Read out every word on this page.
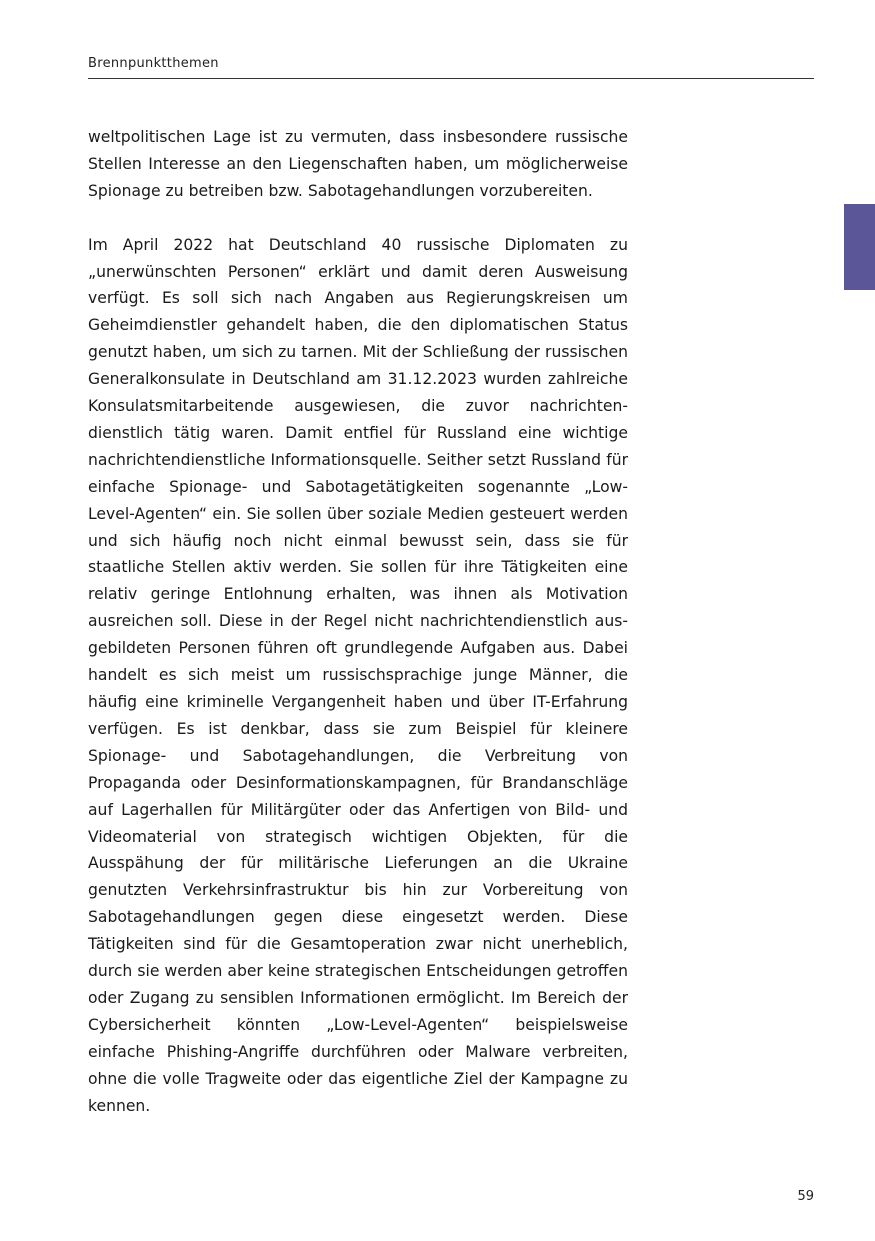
Brennpunktthemen

weltpolitischen Lage ist zu vermuten, dass insbesondere russische Stellen Interesse an den Liegenschaften haben, um möglicherweise Spionage zu betreiben bzw. Sabotagehandlungen vorzubereiten.

Im April 2022 hat Deutschland 40 russische Diplomaten zu „unerwünschten Personen“ erklärt und damit deren Ausweisung verfügt. Es soll sich nach Angaben aus Regierungskreisen um Geheimdienstler gehandelt haben, die den diplomatischen Status genutzt haben, um sich zu tarnen. Mit der Schließung der russischen Generalkonsulate in Deutschland am 31.12.2023 wurden zahlreiche Konsulatsmitarbeitende ausgewiesen, die zuvor nachrichtendienstlich tätig waren. Damit entfiel für Russland eine wichtige nachrichtendienstliche Informationsquelle. Seither setzt Russland für einfache Spionage- und Sabotagetätigkeiten sogenannte „Low-Level-Agenten“ ein. Sie sollen über soziale Medien gesteuert werden und sich häufig noch nicht einmal bewusst sein, dass sie für staatliche Stellen aktiv werden. Sie sollen für ihre Tätigkeiten eine relativ geringe Entlohnung erhalten, was ihnen als Motivation ausreichen soll. Diese in der Regel nicht nachrichtendienstlich ausgebildeten Personen führen oft grundlegende Aufgaben aus. Dabei handelt es sich meist um russischsprachige junge Männer, die häufig eine kriminelle Vergangenheit haben und über IT-Erfahrung verfügen. Es ist denkbar, dass sie zum Beispiel für kleinere Spionage- und Sabotagehandlungen, die Verbreitung von Propaganda oder Desinformationskampagnen, für Brandanschläge auf Lagerhallen für Militärgüter oder das Anfertigen von Bild- und Videomaterial von strategisch wichtigen Objekten, für die Ausspähung der für militärische Lieferungen an die Ukraine genutzten Verkehrsinfrastruktur bis hin zur Vorbereitung von Sabotagehandlungen gegen diese eingesetzt werden. Diese Tätigkeiten sind für die Gesamtoperation zwar nicht unerheblich, durch sie werden aber keine strategischen Entscheidungen getroffen oder Zugang zu sensiblen Informationen ermöglicht. Im Bereich der Cybersicherheit könnten „Low-Level-Agenten“ beispielsweise einfache Phishing-Angriffe durchführen oder Malware verbreiten, ohne die volle Tragweite oder das eigentliche Ziel der Kampagne zu kennen.

59
